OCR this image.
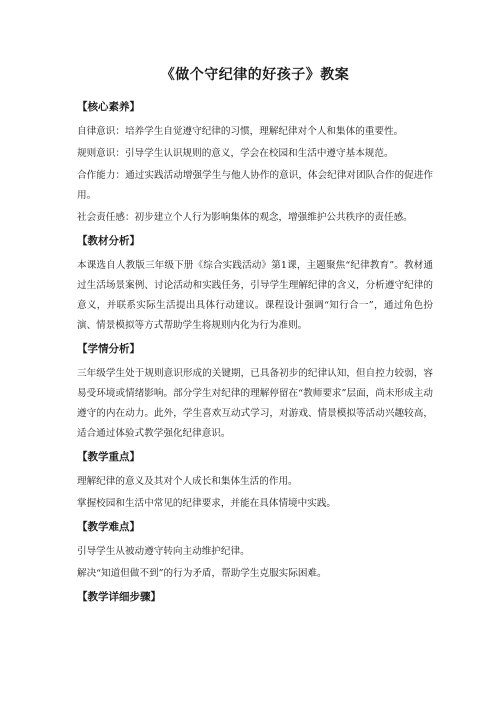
《做个守纪律的好孩子》教案
【核心素养】

自律意识：培养学生自觉遵守纪律的习惯，理解纪律对个人和集体的重要性。

规则意识：引导学生认识规则的意义，学会在校园和生活中遵守基本规范。

合作能力：通过实践活动增强学生与他人协作的意识，体会纪律对团队合作的促进作用。

社会责任感：初步建立个人行为影响集体的观念，增强维护公共秩序的责任感。

【教材分析】

本课选自人教版三年级下册《综合实践活动》第1课，主题聚焦“纪律教育”。教材通过生活场景案例、讨论活动和实践任务，引导学生理解纪律的含义，分析遵守纪律的意义，并联系实际生活提出具体行动建议。课程设计强调“知行合一”，通过角色扮演、情景模拟等方式帮助学生将规则内化为行为准则。

【学情分析】

三年级学生处于规则意识形成的关键期，已具备初步的纪律认知，但自控力较弱，容易受环境或情绪影响。部分学生对纪律的理解停留在“教师要求”层面，尚未形成主动遵守的内在动力。此外，学生喜欢互动式学习，对游戏、情景模拟等活动兴趣较高，适合通过体验式教学强化纪律意识。

【教学重点】

理解纪律的意义及其对个人成长和集体生活的作用。

掌握校园和生活中常见的纪律要求，并能在具体情境中实践。

【教学难点】

引导学生从被动遵守转向主动维护纪律。

解决“知道但做不到”的行为矛盾，帮助学生克服实际困难。

【教学详细步骤】
